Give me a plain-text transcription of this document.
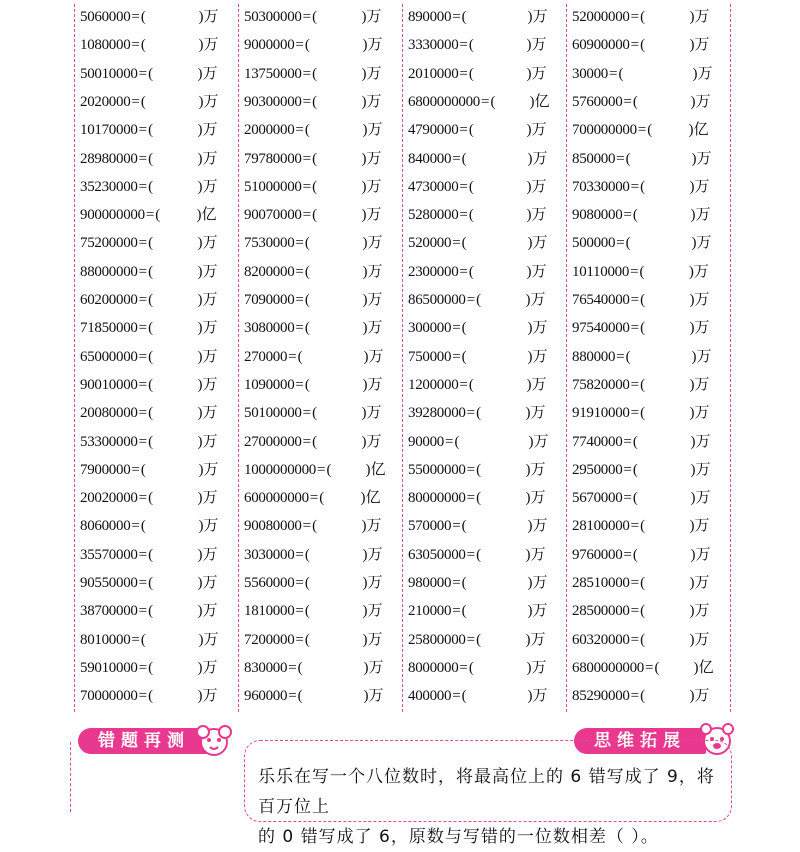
5060000=(	)万
1080000=(	)万
50010000=(	)万
2020000=(	)万
10170000=(	)万
28980000=(	)万
35230000=(	)万
900000000=( )亿
75200000=(	)万
88000000=(	)万
60200000=(	)万
71850000=(	)万
65000000=(	)万
90010000=(	)万
20080000=(	)万
53300000=(	)万
7900000=(	)万
20020000=(	)万
8060000=(	)万
35570000=(	)万
90550000=(	)万
38700000=(	)万
8010000=(	)万
59010000=(	)万
70000000=(	)万
50300000=(	)万
9000000=(	)万
13750000=(	)万
90300000=(	)万
2000000=(	)万
79780000=(	)万
51000000=(	)万
90070000=(	)万
7530000=(	)万
8200000=(	)万
7090000=(	)万
3080000=(	)万
270000=(	)万
1090000=(	)万
50100000=(	)万
27000000=(	)万
1000000000=( )亿
600000000=( )亿
90080000=(	)万
3030000=(	)万
5560000=(	)万
1810000=(	)万
7200000=(	)万
830000=(	)万
960000=(	)万
890000=(	)万
3330000=(	)万
2010000=(	)万
6800000000=( )亿
4790000=(	)万
840000=(	)万
4730000=(	)万
5280000=(	)万
520000=(	)万
2300000=(	)万
86500000=(	)万
300000=(	)万
750000=(	)万
1200000=(	)万
39280000=(	)万
90000=(	)万
55000000=(	)万
80000000=(	)万
570000=(	)万
63050000=(	)万
980000=(	)万
210000=(	)万
25800000=(	)万
8000000=(	)万
400000=(	)万
52000000=(	)万
60900000=(	)万
30000=(	)万
5760000=(	)万
700000000=( )亿
850000=(	)万
70330000=(	)万
9080000=(	)万
500000=(	)万
10110000=(	)万
76540000=(	)万
97540000=(	)万
880000=(	)万
75820000=(	)万
91910000=(	)万
7740000=(	)万
2950000=(	)万
5670000=(	)万
28100000=(	)万
9760000=(	)万
28510000=(	)万
28500000=(	)万
60320000=(	)万
6800000000=( )亿
85290000=(	)万
错题再测	思维拓展
乐乐在写一个八位数时，将最高位上的 6 错写成了 9，将百万位上
的 0 错写成了 6，原数与写错的一位数相差（ ）。
